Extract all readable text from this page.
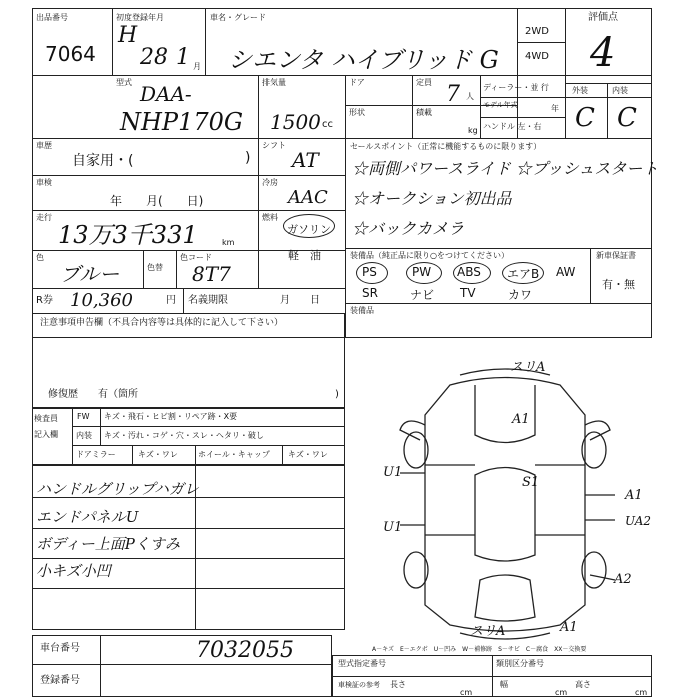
出品番号
7064
初度登録年月
H
28 1 月
車名・グレード
シエンタ ハイブリッド G
2WD
4WD
評価点
4
型式 DAA-
NHP170G
排気量
1500 cc
ドア
形状
定員 7 人
積載
kg
ディーラー・並 行
モデル年式	年
ハンドル 左・右
外装	内装
C C
車歴
自家用・(	)
シフト
AT
車検
年　　月(　　日)
冷房
AAC
走行
13万3千331	km
燃料
ガソリン
軽　油
色
ブルー	色替
色コード
8T7
R券 10,360	円 名義期限	月　　日
セールスポイント（正常に機能するものに限ります）
☆両側パワースライド ☆プッシュスタート
☆オークション初出品
☆バックカメラ
装備品（純正品に限り○をつけてください）	新車保証書
有・無
PS	PW ABS エアB AW
SR	ナビ TV	カワ
装備品
注意事項申告欄（不具合内容等は具体的に記入して下さい）
修復歴　　有（箇所	)
検査員
記入欄
FW キズ・飛石・ヒビ割・リペア跡・X要
内装 キズ・汚れ・コゲ・穴・スレ・ヘタリ・破し
ドアミラー	キズ・ワレ	ホイール・キャップ キズ・ワレ
ハンドルグリップハガレ
エンドパネルU
ボディー上面Pくすみ
小キズ小凹
スリA
A1
S1
U1
U1
A1
UA2
A2
スリA	A1
A－キズ　E－エクボ　U－凹み　W－補修跡　S－サビ　C－腐食　XX－交換要
車台番号	7032055
登録番号
型式指定番号	類別区分番号
車検証の参考 長さ
cm
幅
cm
高さ
cm
